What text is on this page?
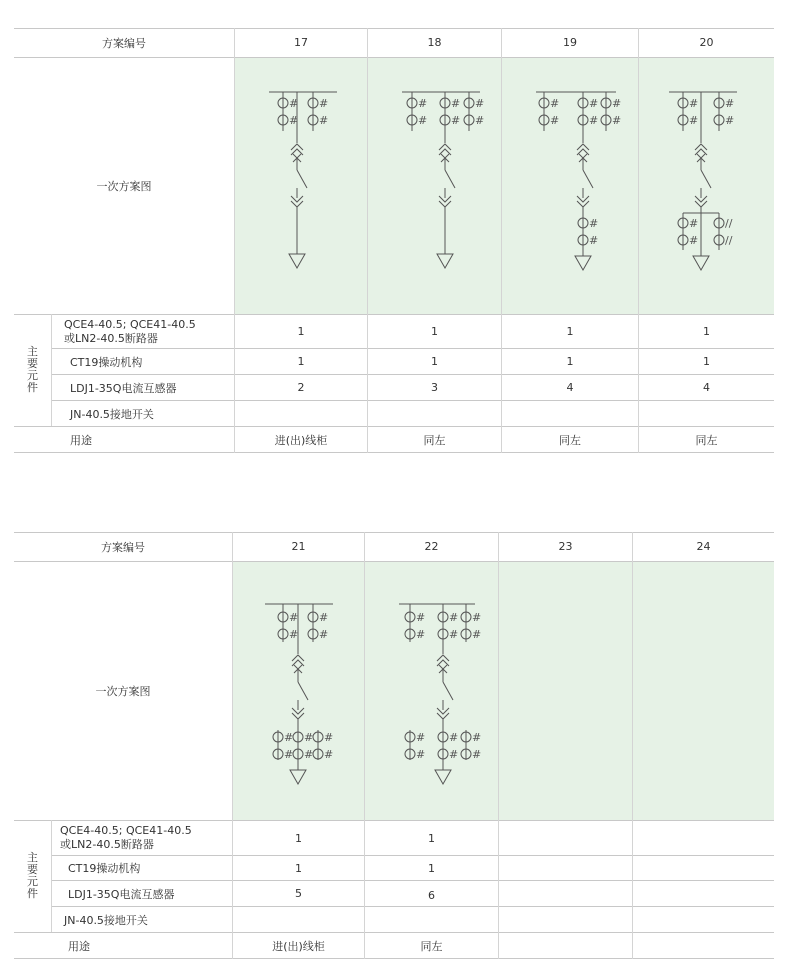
方案编号	17	18	19	20
一次方案图
#
#
#
#
#
#
#
#
#
#
#
#
#
#
#
#
#
#
#
#
#
#
#
#
//
//
主要元件
QCE4-40.5; QCE41-40.5
或LN2-40.5断路器	1	1	1	1
CT19操动机构	1	1	1	1
LDJ1-35Q电流互感器	2	3	4	4
JN-40.5接地开关
用途	进(出)线柜	同左	同左	同左
方案编号	21	22	23	24
一次方案图
#
#
#
#
#
#
#
#
#
#
#
#
#
#
#
#
#
#
#
#
#
#
主要元件
QCE4-40.5; QCE41-40.5
或LN2-40.5断路器	1	1
CT19操动机构	1	1
LDJ1-35Q电流互感器	5	6
JN-40.5接地开关
用途	进(出)线柜	同左
